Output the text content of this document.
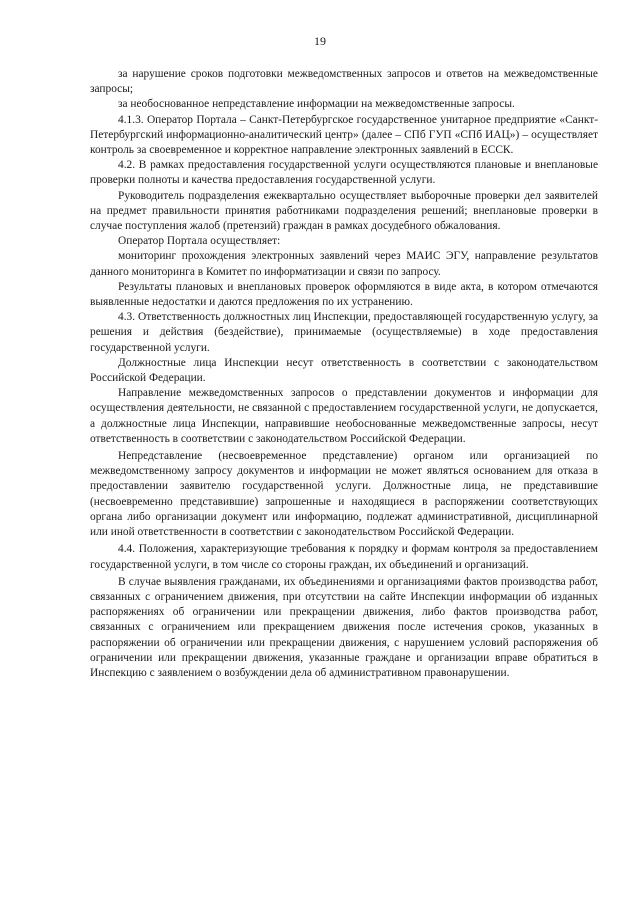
19

за нарушение сроков подготовки межведомственных запросов и ответов на межведомственные запросы;

за необоснованное непредставление информации на межведомственные запросы.

4.1.3. Оператор Портала – Санкт-Петербургское государственное унитарное предприятие «Санкт-Петербургский информационно-аналитический центр» (далее – СПб ГУП «СПб ИАЦ») – осуществляет контроль за своевременное и корректное направление электронных заявлений в ЕССК.

4.2. В рамках предоставления государственной услуги осуществляются плановые и внеплановые проверки полноты и качества предоставления государственной услуги.

Руководитель подразделения ежеквартально осуществляет выборочные проверки дел заявителей на предмет правильности принятия работниками подразделения решений; внеплановые проверки в случае поступления жалоб (претензий) граждан в рамках досудебного обжалования.

Оператор Портала осуществляет:

мониторинг прохождения электронных заявлений через МАИС ЭГУ, направление результатов данного мониторинга в Комитет по информатизации и связи по запросу.

Результаты плановых и внеплановых проверок оформляются в виде акта, в котором отмечаются выявленные недостатки и даются предложения по их устранению.

4.3. Ответственность должностных лиц Инспекции, предоставляющей государственную услугу, за решения и действия (бездействие), принимаемые (осуществляемые) в ходе предоставления государственной услуги.

Должностные лица Инспекции несут ответственность в соответствии с законодательством Российской Федерации.

Направление межведомственных запросов о представлении документов и информации для осуществления деятельности, не связанной с предоставлением государственной услуги, не допускается, а должностные лица Инспекции, направившие необоснованные межведомственные запросы, несут ответственность в соответствии с законодательством Российской Федерации.

Непредставление (несвоевременное представление) органом или организацией по межведомственному запросу документов и информации не может являться основанием для отказа в предоставлении заявителю государственной услуги. Должностные лица, не представившие (несвоевременно представившие) запрошенные и находящиеся в распоряжении соответствующих органа либо организации документ или информацию, подлежат административной, дисциплинарной или иной ответственности в соответствии с законодательством Российской Федерации.

4.4. Положения, характеризующие требования к порядку и формам контроля за предоставлением государственной услуги, в том числе со стороны граждан, их объединений и организаций.

В случае выявления гражданами, их объединениями и организациями фактов производства работ, связанных с ограничением движения, при отсутствии на сайте Инспекции информации об изданных распоряжениях об ограничении или прекращении движения, либо фактов производства работ, связанных с ограничением или прекращением движения после истечения сроков, указанных в распоряжении об ограничении или прекращении движения, с нарушением условий распоряжения об ограничении или прекращении движения, указанные граждане и организации вправе обратиться в Инспекцию с заявлением о возбуждении дела об административном правонарушении.
